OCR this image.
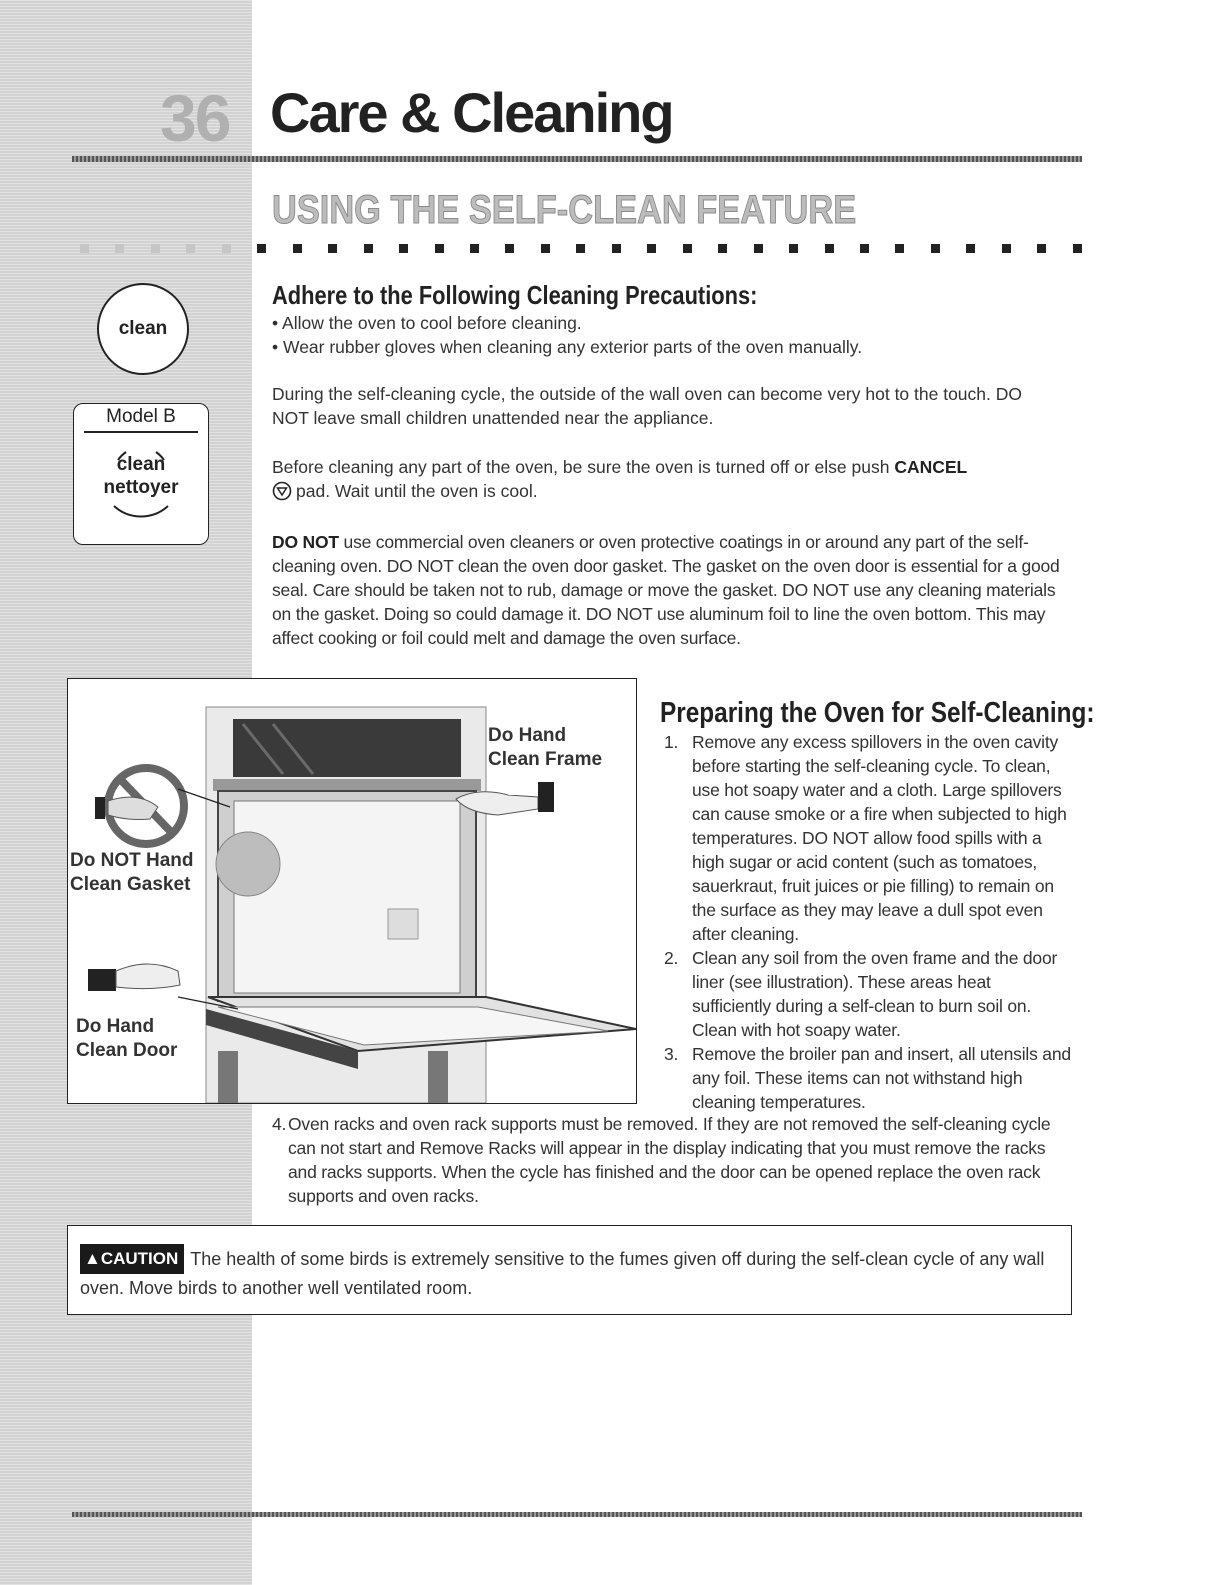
36 Care & Cleaning
USING THE SELF-CLEAN FEATURE
clean
Model B
clean
nettoyer
Adhere to the Following Cleaning Precautions:

• Allow the oven to cool before cleaning.

• Wear rubber gloves when cleaning any exterior parts of the oven manually.

During the self-cleaning cycle, the outside of the wall oven can become very hot to the touch. DO NOT leave small children unattended near the appliance.

Before cleaning any part of the oven, be sure the oven is turned off or else push CANCEL
pad. Wait until the oven is cool.

DO NOT use commercial oven cleaners or oven protective coatings in or around any part of the self-cleaning oven. DO NOT clean the oven door gasket. The gasket on the oven door is essential for a good seal. Care should be taken not to rub, damage or move the gasket. DO NOT use any cleaning materials on the gasket. Doing so could damage it. DO NOT use aluminum foil to line the oven bottom. This may affect cooking or foil could melt and damage the oven surface.

Do Hand
Clean Frame
Do NOT Hand
Clean Gasket
Do Hand
Clean Door
Preparing the Oven for Self-Cleaning:
1. Remove any excess spillovers in the oven cavity before starting the self-cleaning cycle. To clean, use hot soapy water and a cloth. Large spillovers can cause smoke or a fire when subjected to high temperatures. DO NOT allow food spills with a high sugar or acid content (such as tomatoes, sauerkraut, fruit juices or pie filling) to remain on the surface as they may leave a dull spot even after cleaning.
2. Clean any soil from the oven frame and the door liner (see illustration). These areas heat sufficiently during a self-clean to burn soil on. Clean with hot soapy water.
3. Remove the broiler pan and insert, all utensils and any foil. These items can not withstand high cleaning temperatures.
4. Oven racks and oven rack supports must be removed. If they are not removed the self-cleaning cycle can not start and Remove Racks will appear in the display indicating that you must remove the racks and racks supports. When the cycle has finished and the door can be opened replace the oven rack supports and oven racks.
▲CAUTION The health of some birds is extremely sensitive to the fumes given off during the self-clean cycle of any wall oven. Move birds to another well ventilated room.
